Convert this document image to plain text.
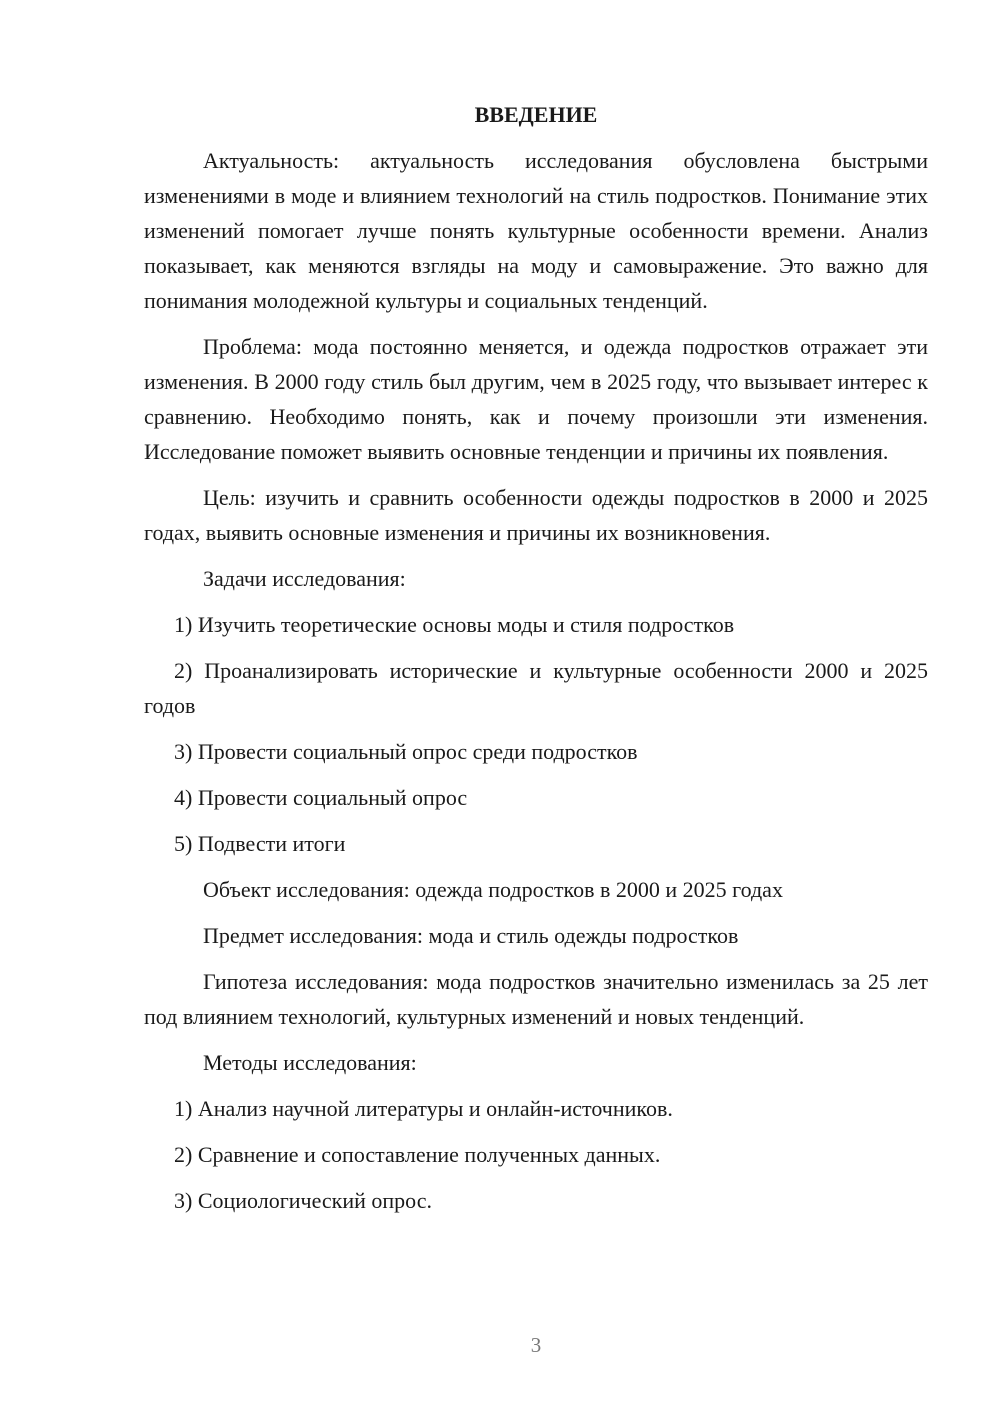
ВВЕДЕНИЕ

Актуальность: актуальность исследования обусловлена быстрыми изменениями в моде и влиянием технологий на стиль подростков. Понимание этих изменений помогает лучше понять культурные особенности времени. Анализ показывает, как меняются взгляды на моду и самовыражение. Это важно для понимания молодежной культуры и социальных тенденций.

Проблема: мода постоянно меняется, и одежда подростков отражает эти изменения. В 2000 году стиль был другим, чем в 2025 году, что вызывает интерес к сравнению. Необходимо понять, как и почему произошли эти изменения. Исследование поможет выявить основные тенденции и причины их появления.

Цель: изучить и сравнить особенности одежды подростков в 2000 и 2025 годах, выявить основные изменения и причины их возникновения.

Задачи исследования:

1) Изучить теоретические основы моды и стиля подростков

2) Проанализировать исторические и культурные особенности 2000 и 2025 годов

3) Провести социальный опрос среди подростков

4) Провести социальный опрос

5) Подвести итоги

Объект исследования: одежда подростков в 2000 и 2025 годах

Предмет исследования: мода и стиль одежды подростков

Гипотеза исследования: мода подростков значительно изменилась за 25 лет под влиянием технологий, культурных изменений и новых тенденций.

Методы исследования:

1) Анализ научной литературы и онлайн-источников.

2) Сравнение и сопоставление полученных данных.

3) Социологический опрос.

3
